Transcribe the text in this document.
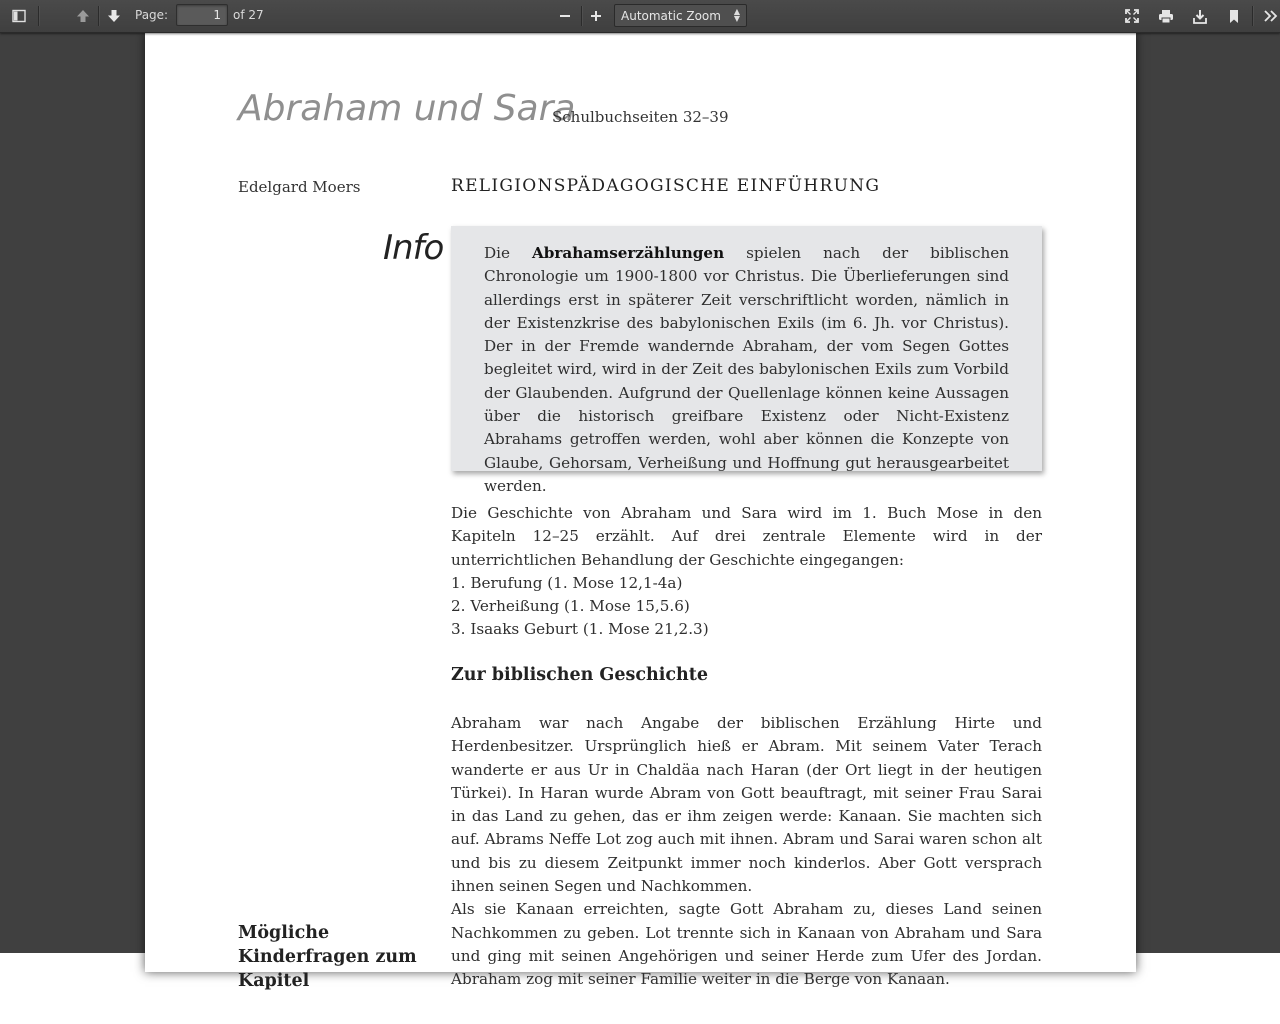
Page:	1	of 27	Automatic Zoom ▲
▼
Abraham und Sara
Schulbuchseiten 32–39
Edelgard Moers	RELIGIONSPÄDAGOGISCHE EINFÜHRUNG
Info	Die Abrahamserzählungen spielen nach der biblischen Chronologie um 1900-1800 vor Christus. Die Überlieferungen sind allerdings erst in späterer Zeit verschriftlicht worden, nämlich in der Existenzkrise des babylonischen Exils (im 6. Jh. vor Christus). Der in der Fremde wandernde Abraham, der vom Segen Gottes begleitet wird, wird in der Zeit des babylonischen Exils zum Vorbild der Glaubenden. Aufgrund der Quellenlage können keine Aussagen über die historisch greifbare Existenz oder Nicht-Existenz Abrahams getroffen werden, wohl aber können die Konzepte von Glaube, Gehorsam, Verheißung und Hoffnung gut herausgearbeitet werden.

Die Geschichte von Abraham und Sara wird im 1. Buch Mose in den Kapiteln 12–25 erzählt. Auf drei zentrale Elemente wird in der unterrichtlichen Behandlung der Geschichte eingegangen:

1. Berufung (1. Mose 12,1-4a)
2. Verheißung (1. Mose 15,5.6)
3. Isaaks Geburt (1. Mose 21,2.3)

Zur biblischen Geschichte

Abraham war nach Angabe der biblischen Erzählung Hirte und Herdenbesitzer. Ursprünglich hieß er Abram. Mit seinem Vater Terach wanderte er aus Ur in Chaldäa nach Haran (der Ort liegt in der heutigen Türkei). In Haran wurde Abram von Gott beauftragt, mit seiner Frau Sarai in das Land zu gehen, das er ihm zeigen werde: Kanaan. Sie machten sich auf. Abrams Neffe Lot zog auch mit ihnen. Abram und Sarai waren schon alt und bis zu diesem Zeitpunkt immer noch kinderlos. Aber Gott versprach ihnen seinen Segen und Nachkommen.

Als sie Kanaan erreichten, sagte Gott Abraham zu, dieses Land seinen Nachkommen zu geben. Lot trennte sich in Kanaan von Abraham und Sara und ging mit seinen Angehörigen und seiner Herde zum Ufer des Jordan. Abraham zog mit seiner Familie weiter in die Berge von Kanaan.

Mögliche Kinderfragen zum Kapitel
